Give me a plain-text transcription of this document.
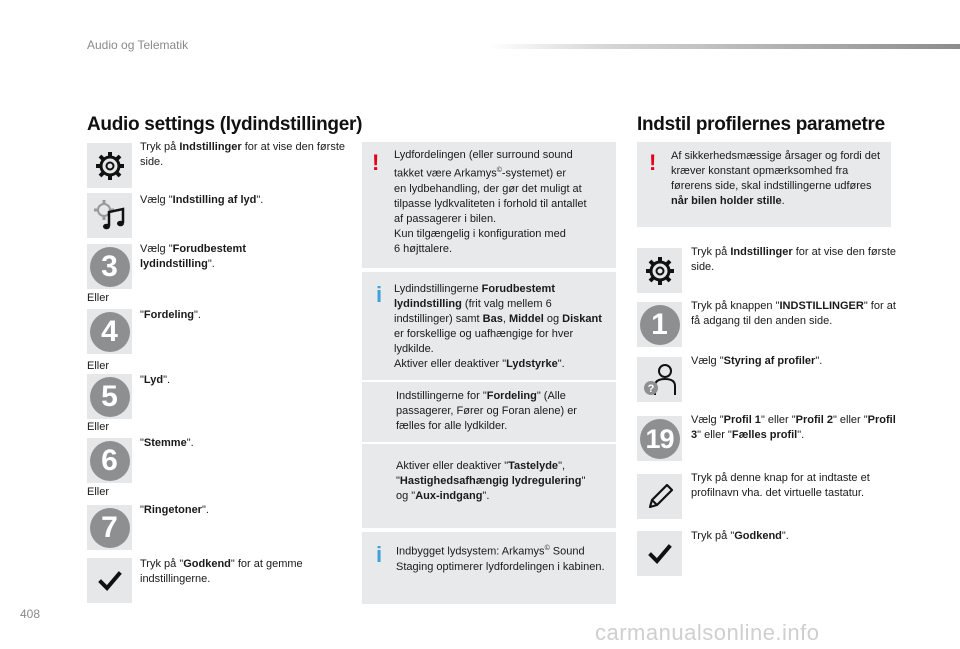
Audio og Telematik
Audio settings (lydindstillinger)
Tryk på Indstillinger for at vise den første side.
Vælg "Indstilling af lyd".
3
Vælg "Forudbestemt lydindstilling".
Eller
4	"Fordeling".
Eller
5	"Lyd".
Eller
6
"Stemme".
Eller
7
"Ringetoner".
Tryk på "Godkend" for at gemme indstillingerne.
! Lydfordelingen (eller surround sound
takket være Arkamys©-systemet) er
en lydbehandling, der gør det muligt at
tilpasse lydkvaliteten i forhold til antallet
af passagerer i bilen.
Kun tilgængelig i konfiguration med
6 højttalere.
i Lydindstillingerne Forudbestemt lydindstilling (frit valg mellem 6 indstillinger) samt Bas, Middel og Diskant er forskellige og uafhængige for hver lydkilde.
Aktiver eller deaktiver "Lydstyrke".
Indstillingerne for "Fordeling" (Alle passagerer, Fører og Foran alene) er fælles for alle lydkilder.
Aktiver eller deaktiver "Tastelyde",
"Hastighedsafhængig lydregulering"
og "Aux-indgang".
i Indbygget lydsystem: Arkamys© Sound Staging optimerer lydfordelingen i kabinen.
Indstil profilernes parametre
! Af sikkerhedsmæssige årsager og fordi det kræver konstant opmærksomhed fra førerens side, skal indstillingerne udføres når bilen holder stille.
Tryk på Indstillinger for at vise den første side.
1
Tryk på knappen "INDSTILLINGER" for at få adgang til den anden side.
?
Vælg "Styring af profiler".
19
Vælg "Profil 1" eller "Profil 2" eller "Profil 3" eller "Fælles profil".
Tryk på denne knap for at indtaste et profilnavn vha. det virtuelle tastatur.
Tryk på "Godkend".
408
carmanualsonline.info
